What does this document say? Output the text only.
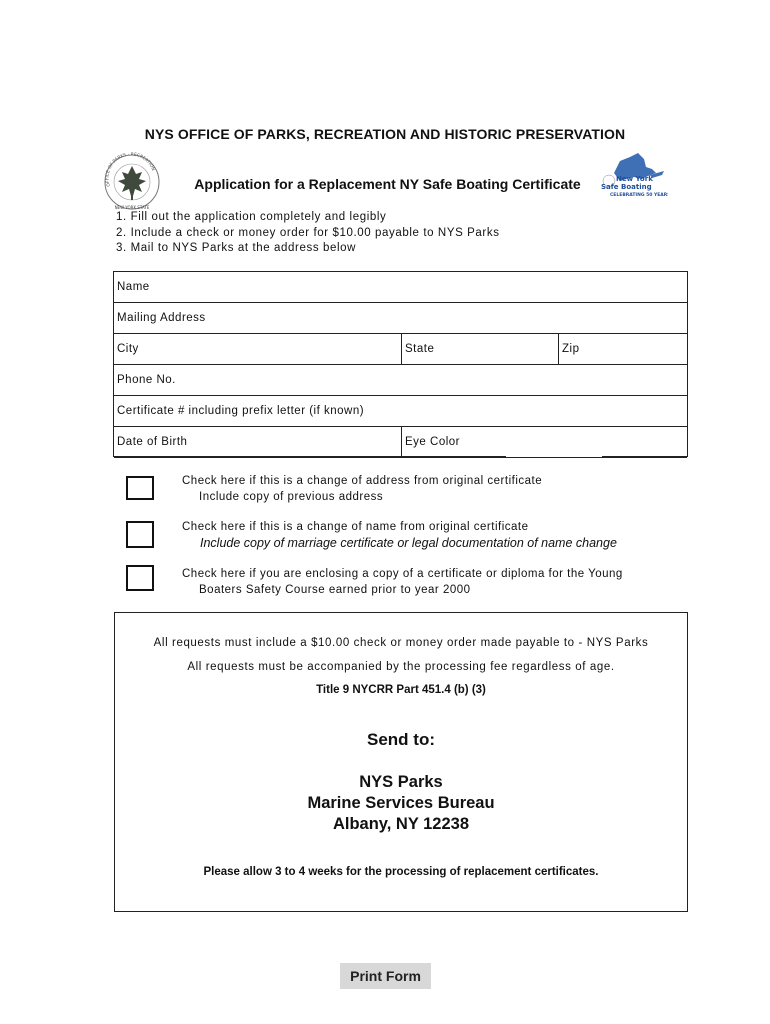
NYS OFFICE OF PARKS, RECREATION AND HISTORIC PRESERVATION
OFFICE OF PARKS · RECREATION
NEW YORK STATE
Application for a Replacement NY Safe Boating Certificate	New York
Safe Boating
CELEBRATING 50 YEARS
1. Fill out the application completely and legibly
2. Include a check or money order for $10.00 payable to NYS Parks
3. Mail to NYS Parks at the address below
Name
Mailing Address
City	State	Zip
Phone No.
Certificate # including prefix letter (if known)
Date of Birth	Eye Color
Check here if this is a change of address from original certificate
Include copy of previous address
Check here if this is a change of name from original certificate
Include copy of marriage certificate or legal documentation of name change
Check here if you are enclosing a copy of a certificate or diploma for the Young
Boaters Safety Course earned prior to year 2000
All requests must include a $10.00 check or money order made payable to - NYS Parks
All requests must be accompanied by the processing fee regardless of age.
Title 9 NYCRR Part 451.4 (b) (3)
Send to:
NYS Parks
Marine Services Bureau
Albany, NY 12238
Please allow 3 to 4 weeks for the processing of replacement certificates.
Print Form
